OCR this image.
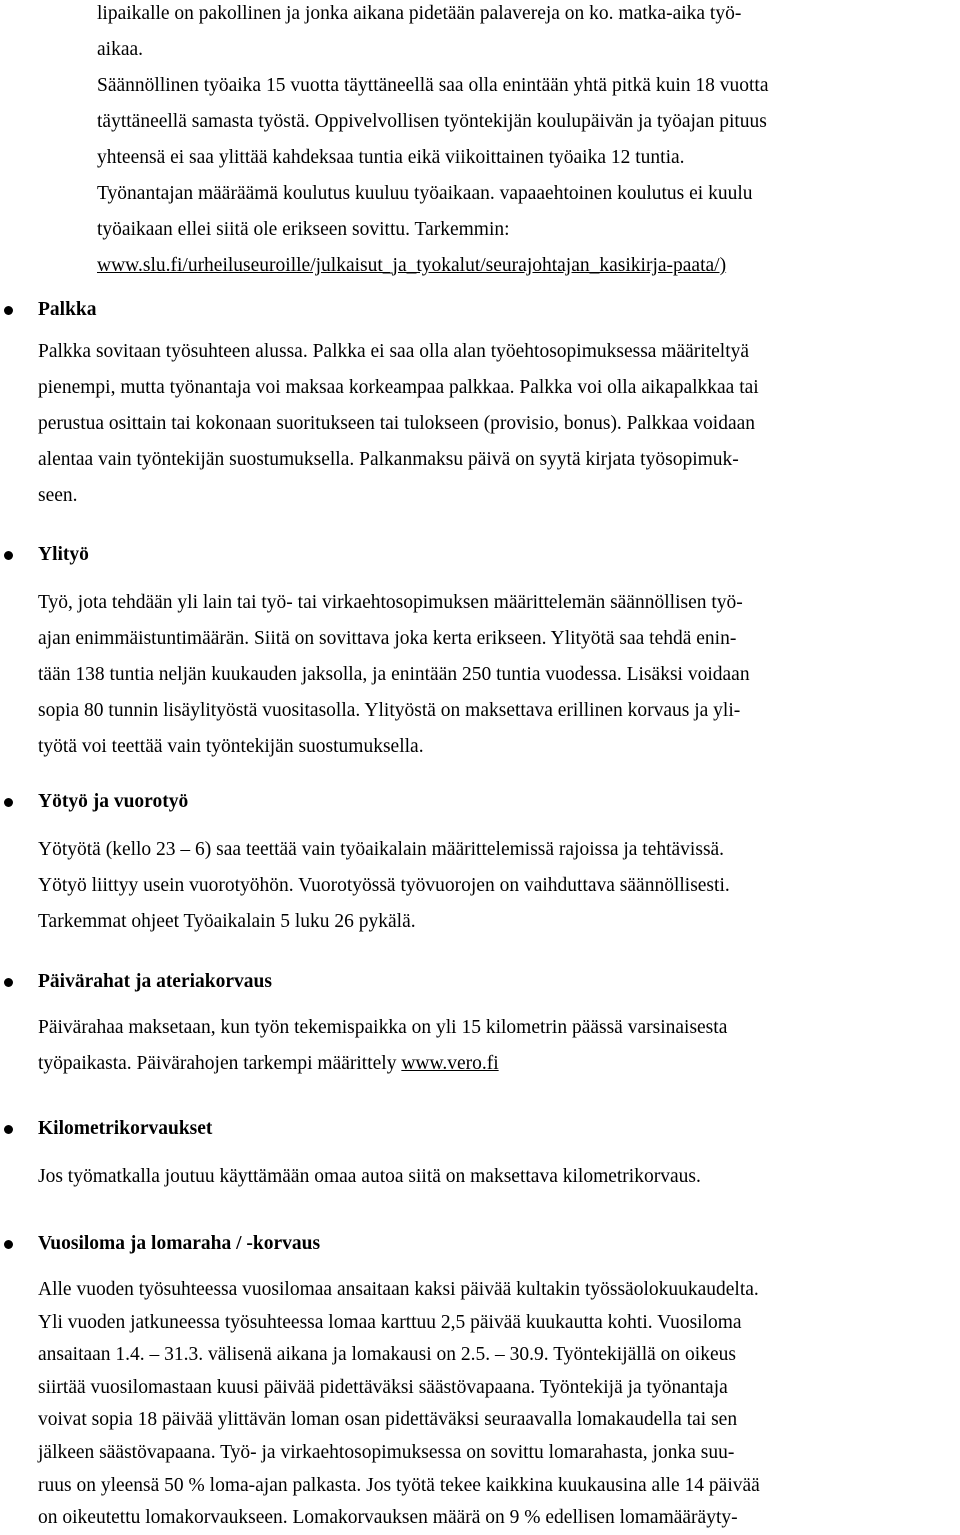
lipaikalle on pakollinen ja jonka aikana pidetään palavereja on ko. matka-aika työ-
aikaa.
Säännöllinen työaika 15 vuotta täyttäneellä saa olla enintään yhtä pitkä kuin 18 vuotta
täyttäneellä samasta työstä. Oppivelvollisen työntekijän koulupäivän ja työajan pituus
yhteensä ei saa ylittää kahdeksaa tuntia eikä viikoittainen työaika 12 tuntia.
Työnantajan määräämä koulutus kuuluu työaikaan. vapaaehtoinen koulutus ei kuulu
työaikaan ellei siitä ole erikseen sovittu. Tarkemmin:
www.slu.fi/urheiluseuroille/julkaisut_ja_tyokalut/seurajohtajan_kasikirja-paata/)
Palkka
Palkka sovitaan työsuhteen alussa. Palkka ei saa olla alan työehtosopimuksessa määriteltyä
pienempi, mutta työnantaja voi maksaa korkeampaa palkkaa. Palkka voi olla aikapalkkaa tai
perustua osittain tai kokonaan suoritukseen tai tulokseen (provisio, bonus). Palkkaa voidaan
alentaa vain työntekijän suostumuksella. Palkanmaksu päivä on syytä kirjata työsopimuk-
seen.
Ylityö
Työ, jota tehdään yli lain tai työ- tai virkaehtosopimuksen määrittelemän säännöllisen työ-
ajan enimmäistuntimäärän. Siitä on sovittava joka kerta erikseen. Ylityötä saa tehdä enin-
tään 138 tuntia neljän kuukauden jaksolla, ja enintään 250 tuntia vuodessa. Lisäksi voidaan
sopia 80 tunnin lisäylityöstä vuositasolla. Ylityöstä on maksettava erillinen korvaus ja yli-
työtä voi teettää vain työntekijän suostumuksella.
Yötyö ja vuorotyö
Yötyötä (kello 23 – 6) saa teettää vain työaikalain määrittelemissä rajoissa ja tehtävissä.
Yötyö liittyy usein vuorotyöhön. Vuorotyössä työvuorojen on vaihduttava säännöllisesti.
Tarkemmat ohjeet Työaikalain 5 luku 26 pykälä.
Päivärahat ja ateriakorvaus
Päivärahaa maksetaan, kun työn tekemispaikka on yli 15 kilometrin päässä varsinaisesta
työpaikasta. Päivärahojen tarkempi määrittely www.vero.fi
Kilometrikorvaukset
Jos työmatkalla joutuu käyttämään omaa autoa siitä on maksettava kilometrikorvaus.
Vuosiloma ja lomaraha / -korvaus
Alle vuoden työsuhteessa vuosilomaa ansaitaan kaksi päivää kultakin työssäolokuukaudelta.
Yli vuoden jatkuneessa työsuhteessa lomaa karttuu 2,5 päivää kuukautta kohti. Vuosiloma
ansaitaan 1.4. – 31.3. välisenä aikana ja lomakausi on 2.5. – 30.9. Työntekijällä on oikeus
siirtää vuosilomastaan kuusi päivää pidettäväksi säästövapaana. Työntekijä ja työnantaja
voivat sopia 18 päivää ylittävän loman osan pidettäväksi seuraavalla lomakaudella tai sen
jälkeen säästövapaana. Työ- ja virkaehtosopimuksessa on sovittu lomarahasta, jonka suu-
ruus on yleensä 50 % loma-ajan palkasta. Jos työtä tekee kaikkina kuukausina alle 14 päivää
on oikeutettu lomakorvaukseen. Lomakorvauksen määrä on 9 % edellisen lomamääräyty-
